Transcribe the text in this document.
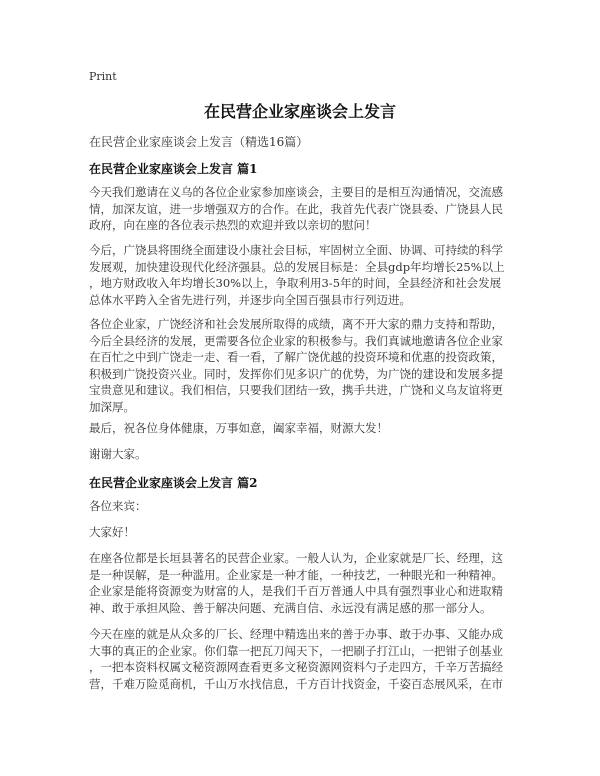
Print
在民营企业家座谈会上发言
在民营企业家座谈会上发言（精选16篇）
在民营企业家座谈会上发言 篇1

今天我们邀请在义乌的各位企业家参加座谈会，主要目的是相互沟通情况，交流感
情，加深友谊，进一步增强双方的合作。在此，我首先代表广饶县委、广饶县人民
政府，向在座的各位表示热烈的欢迎并致以亲切的慰问！

今后，广饶县将围绕全面建设小康社会目标，牢固树立全面、协调、可持续的科学
发展观，加快建设现代化经济强县。总的发展目标是：全县gdp年均增长25%以上
，地方财政收入年均增长30%以上，争取利用3-5年的时间，全县经济和社会发展
总体水平跨入全省先进行列，并逐步向全国百强县市行列迈进。

各位企业家，广饶经济和社会发展所取得的成绩，离不开大家的鼎力支持和帮助，
今后全县经济的发展，更需要各位企业家的积极参与。我们真诚地邀请各位企业家
在百忙之中到广饶走一走、看一看，了解广饶优越的投资环境和优惠的投资政策，
积极到广饶投资兴业。同时，发挥你们见多识广的优势，为广饶的建设和发展多提
宝贵意见和建议。我们相信，只要我们团结一致，携手共进，广饶和义乌友谊将更
加深厚。

最后，祝各位身体健康，万事如意，阖家幸福，财源大发！

谢谢大家。

在民营企业家座谈会上发言 篇2

各位来宾：

大家好！

在座各位都是长垣县著名的民营企业家。一般人认为，企业家就是厂长、经理，这
是一种误解，是一种滥用。企业家是一种才能，一种技艺，一种眼光和一种精神。
企业家是能将资源变为财富的人，是我们千百万普通人中具有强烈事业心和进取精
神、敢于承担风险、善于解决问题、充满自信、永远没有满足感的那一部分人。

今天在座的就是从众多的厂长、经理中精选出来的善于办事、敢于办事、又能办成
大事的真正的企业家。你们靠一把瓦刀闯天下，一把刷子打江山，一把钳子创基业
，一把本资料权属文秘资源网查看更多文秘资源网资料勺子走四方，千辛万苦搞经
营，千难万险觅商机，千山万水找信息，千方百计找资金，千姿百态展风采，在市
